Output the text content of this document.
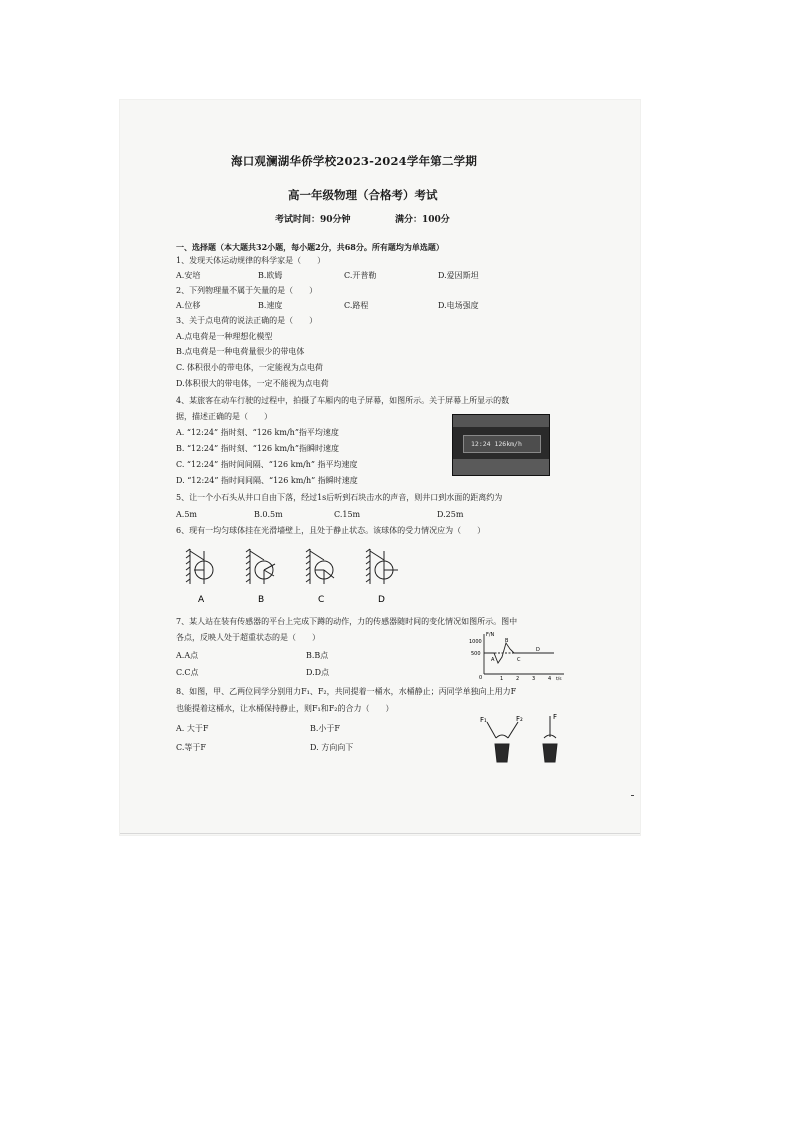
海口观澜湖华侨学校2023-2024学年第二学期
高一年级物理（合格考）考试
考试时间：90分钟	满分：100分
一、选择题（本大题共32小题，每小题2分，共68分。所有题均为单选题）
1、发现天体运动规律的科学家是（　　）
A.安培	B.欧姆	C.开普勒	D.爱因斯坦
2、下列物理量不属于矢量的是（　　）
A.位移	B.速度	C.路程	D.电场强度
3、关于点电荷的说法正确的是（　　）
A.点电荷是一种理想化模型
B.点电荷是一种电荷量很少的带电体
C. 体积很小的带电体，一定能视为点电荷
D.体积很大的带电体，一定不能视为点电荷
4、某旅客在动车行驶的过程中，拍摄了车厢内的电子屏幕，如图所示。关于屏幕上所显示的数
据，描述正确的是（　　）
A. “12:24” 指时刻、“126 km/h”指平均速度
B. “12:24” 指时刻、“126 km/h”指瞬时速度
C. “12:24” 指时间间隔、“126 km/h” 指平均速度
D. “12:24” 指时间间隔、“126 km/h” 指瞬时速度
12:24 126km/h
5、让一个小石头从井口自由下落，经过1s后听到石块击水的声音，则井口到水面的距离约为
A.5m	B.0.5m	C.15m	D.25m
6、现有一均匀球体挂在光滑墙壁上，且处于静止状态。该球体的受力情况应为（　　）
A	B	C	D
7、某人站在装有传感器的平台上完成下蹲的动作，力的传感器随时间的变化情况如图所示。图中
各点，反映人处于超重状态的是（　　）
A.A点	B.B点
C.C点	D.D点
F/N
1000
500
0	1	2	3	4 t/s
A
B
C
D
8、如图，甲、乙两位同学分别用力F₁、F₂，共同提着一桶水，水桶静止；丙同学单独向上用力F
也能提着这桶水，让水桶保持静止，则F₁和F₂的合力（　　）
A. 大于F	B.小于F
C.等于F	D. 方向向下
F₁	F₂	F
